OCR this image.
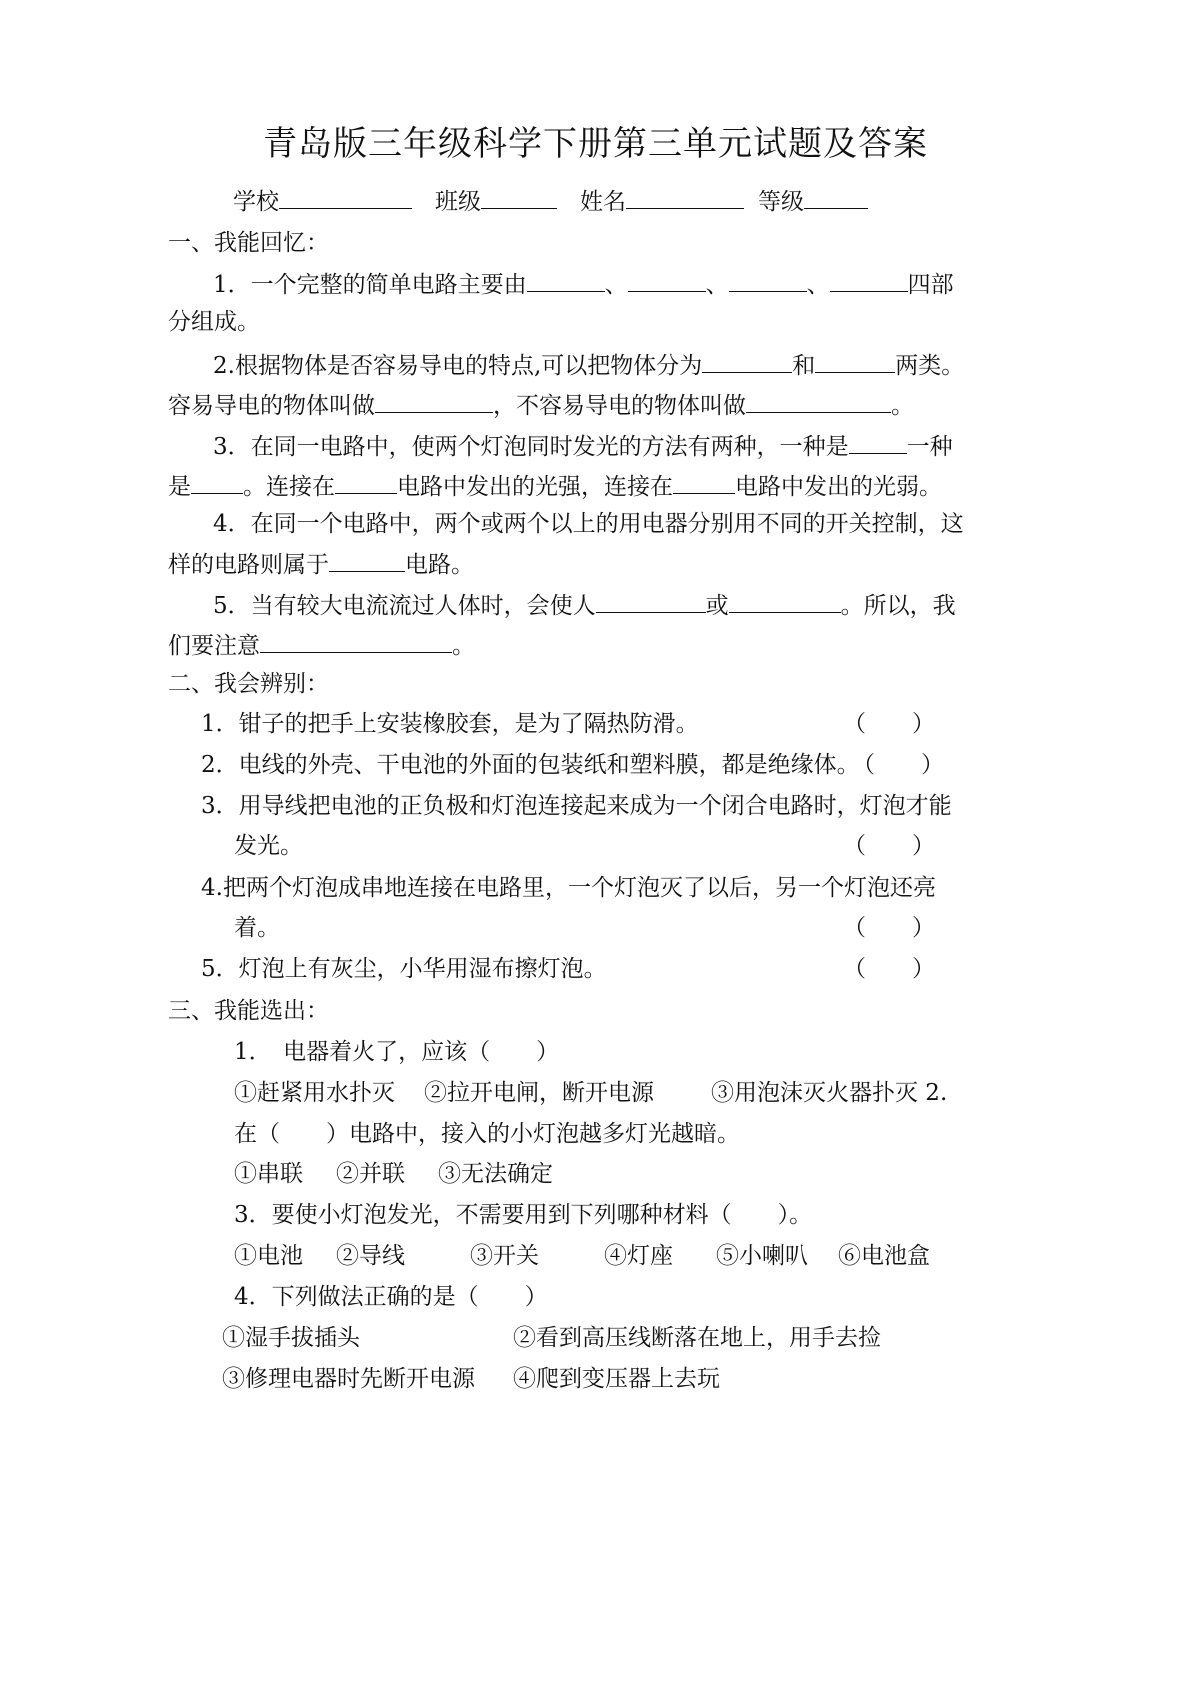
青岛版三年级科学下册第三单元试题及答案
学校	班级	姓名	等级
一、我能回忆：
1．一个完整的简单电路主要由	、	、	、	四部
分组成。
2.根据物体是否容易导电的特点,可以把物体分为	和	两类。
容易导电的物体叫做	，不容易导电的物体叫做	。
3．在同一电路中，使两个灯泡同时发光的方法有两种，一种是	一种
是 。连接在	电路中发出的光强，连接在	电路中发出的光弱。
4．在同一个电路中，两个或两个以上的用电器分别用不同的开关控制，这
样的电路则属于	电路。
5．当有较大电流流过人体时，会使人	或	。所以，我
们要注意	。
二、我会辨别：
1．钳子的把手上安装橡胶套，是为了隔热防滑。	（　　）
2．电线的外壳、干电池的外面的包装纸和塑料膜，都是绝缘体。
（　　）
3．用导线把电池的正负极和灯泡连接起来成为一个闭合电路时，灯泡才能
发光。	（　　）
4.把两个灯泡成串地连接在电路里，一个灯泡灭了以后，另一个灯泡还亮
着。	（　　）
5．灯泡上有灰尘，小华用湿布擦灯泡。	（　　）
三、我能选出：
1．　电器着火了，应该（　　）
①赶紧用水扑灭 ②拉开电闸，断开电源 ③用泡沫灭火器扑灭 2.
在（　　）电路中，接入的小灯泡越多灯光越暗。
①串联 ②并联 ③无法确定
3．要使小灯泡发光，不需要用到下列哪种材料（　　）。
①电池 ②导线	③开关	④灯座 ⑤小喇叭 ⑥电池盒
4．下列做法正确的是（　　）
①湿手拔插头	②看到高压线断落在地上，用手去捡
③修理电器时先断开电源 ④爬到变压器上去玩
